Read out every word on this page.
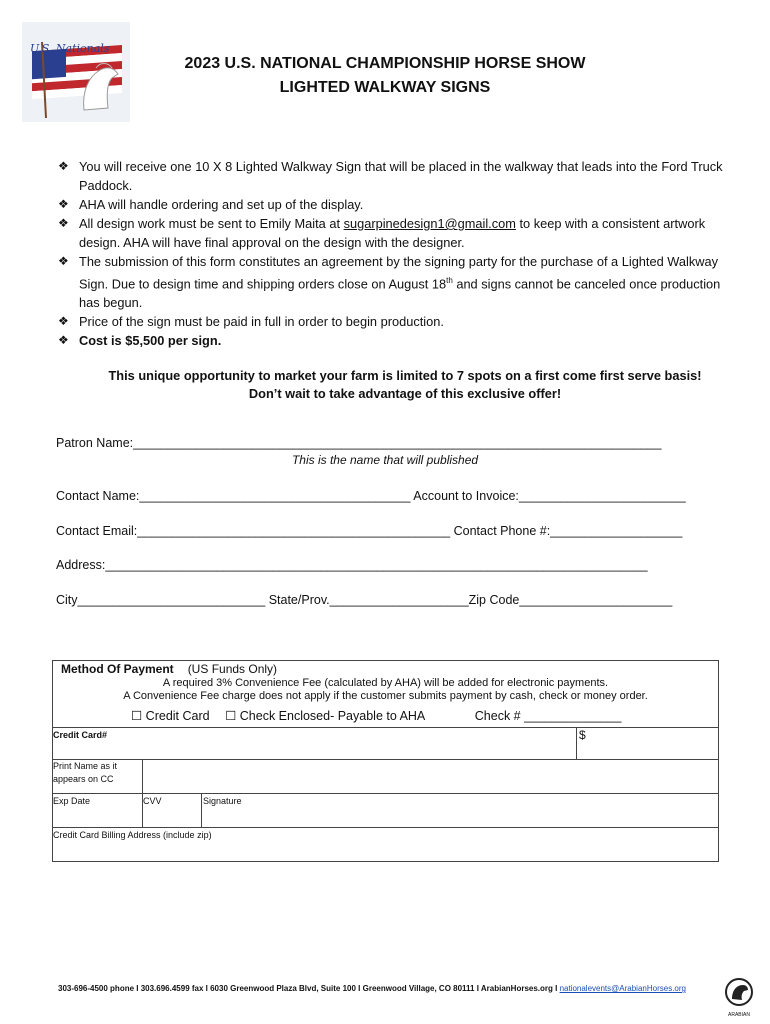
U.S. Nationals
2023 U.S. NATIONAL CHAMPIONSHIP HORSE SHOW
LIGHTED WALKWAY SIGNS
❖ You will receive one 10 X 8 Lighted Walkway Sign that will be placed in the walkway that leads into the Ford Truck Paddock.
❖ AHA will handle ordering and set up of the display.
❖ All design work must be sent to Emily Maita at sugarpinedesign1@gmail.com to keep with a consistent artwork design. AHA will have final approval on the design with the designer.
❖ The submission of this form constitutes an agreement by the signing party for the purchase of a Lighted Walkway Sign. Due to design time and shipping orders close on August 18th and signs cannot be canceled once production has begun.
❖ Price of the sign must be paid in full in order to begin production.
❖ Cost is $5,500 per sign.
This unique opportunity to market your farm is limited to 7 spots on a first come first serve basis!
Don’t wait to take advantage of this exclusive offer!
Patron Name:____________________________________________________________________________
This is the name that will published
Contact Name:_______________________________________ Account to Invoice:________________________
Contact Email:_____________________________________________ Contact Phone #:___________________
Address:______________________________________________________________________________
City___________________________ State/Prov.____________________Zip Code______________________
Method Of Payment (US Funds Only)
A required 3% Convenience Fee (calculated by AHA) will be added for electronic payments.
A Convenience Fee charge does not apply if the customer submits payment by cash, check or money order.
☐ Credit Card ☐ Check Enclosed- Payable to AHA	Check # ______________
Credit Card#	$
Print Name as it
appears on CC
Exp Date	CVV	Signature
Credit Card Billing Address (include zip)
303-696-4500 phone I 303.696.4599 fax I 6030 Greenwood Plaza Blvd, Suite 100 I Greenwood Village, CO 80111 I ArabianHorses.org I nationalevents@ArabianHorses.org
ARABIAN
